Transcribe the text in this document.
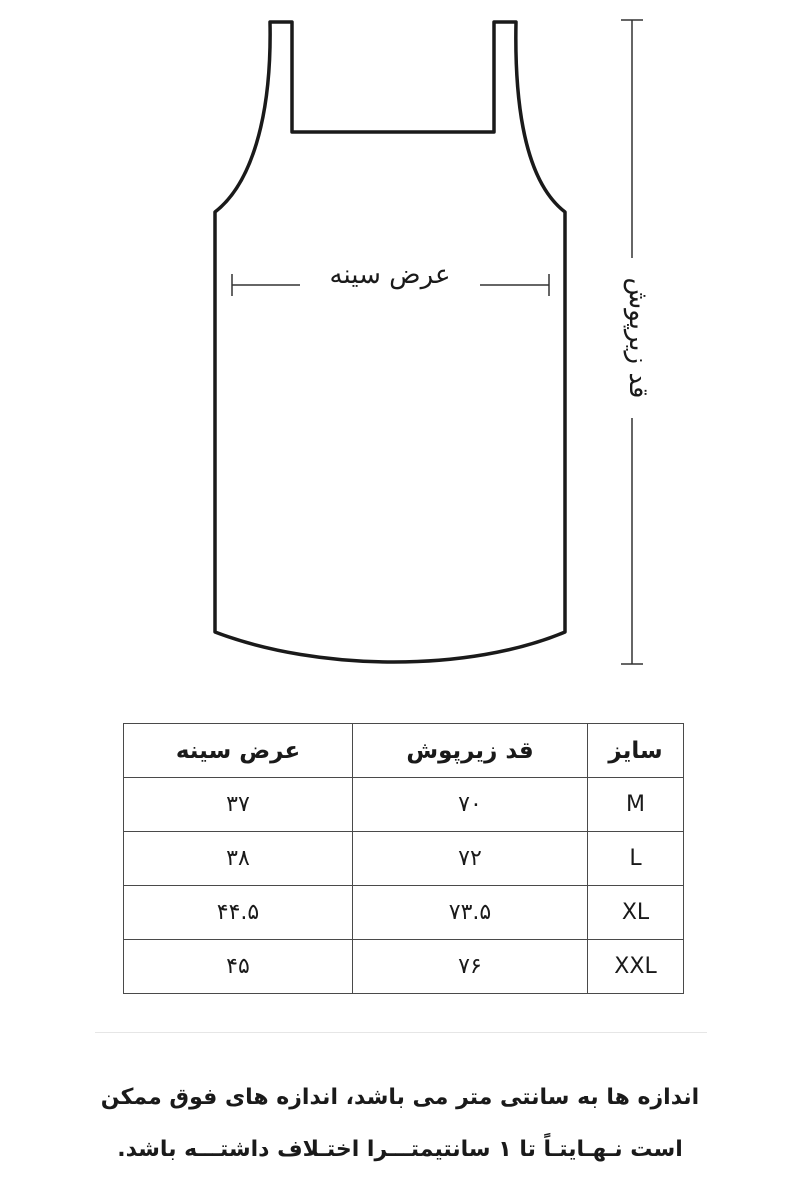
عرض سینه
قد زیرپوش
سایز	قد زیرپوش	عرض سینه
M	۷۰	۳۷
L	۷۲	۳۸
XL	۷۳.۵	۴۴.۵
XXL	۷۶	۴۵
اندازه ها به سانتی متر می باشد، اندازه های فوق ممکن
است نـهـایتـاً تا ۱ سانتیمتـــرا اختـلاف داشتـــه باشد.
